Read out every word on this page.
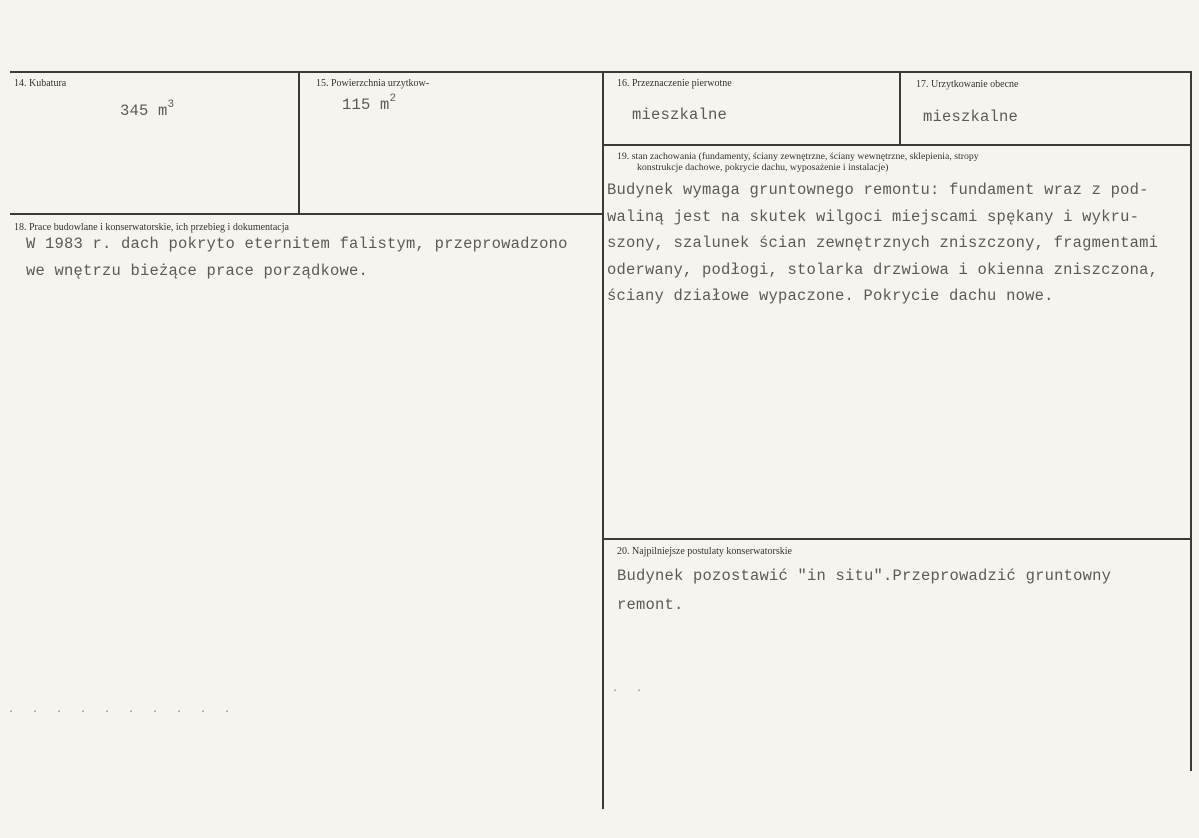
14. Kubatura
345 $m^3$
15. Powierzchnia urzytkow-
115 $m^2$
16. Przeznaczenie pierwotne
mieszkalne
17. Urzytkowanie obecne
mieszkalne
18. Prace budowlane i konserwatorskie, ich przebieg i dokumentacja
W 1983 r. dach pokryto eternitem falistym, przeprowadzono
we wnętrzu bieżące prace porządkowe.
19. stan zachowania (fundamenty, ściany zewnętrzne, ściany wewnętrzne, sklepienia, stropy
konstrukcje dachowe, pokrycie dachu, wyposażenie i instalacje)
Budynek wymaga gruntownego remontu: fundament wraz z pod-
waliną jest na skutek wilgoci miejscami spękany i wykru-
szony, szalunek ścian zewnętrznych zniszczony, fragmentami
oderwany, podłogi, stolarka drzwiowa i okienna zniszczona,
ściany działowe wypaczone. Pokrycie dachu nowe.
20. Najpilniejsze postulaty konserwatorskie
Budynek pozostawić "in situ".Przeprowadzić gruntowny
remont.
· · · · · · · · · ·
· ·
